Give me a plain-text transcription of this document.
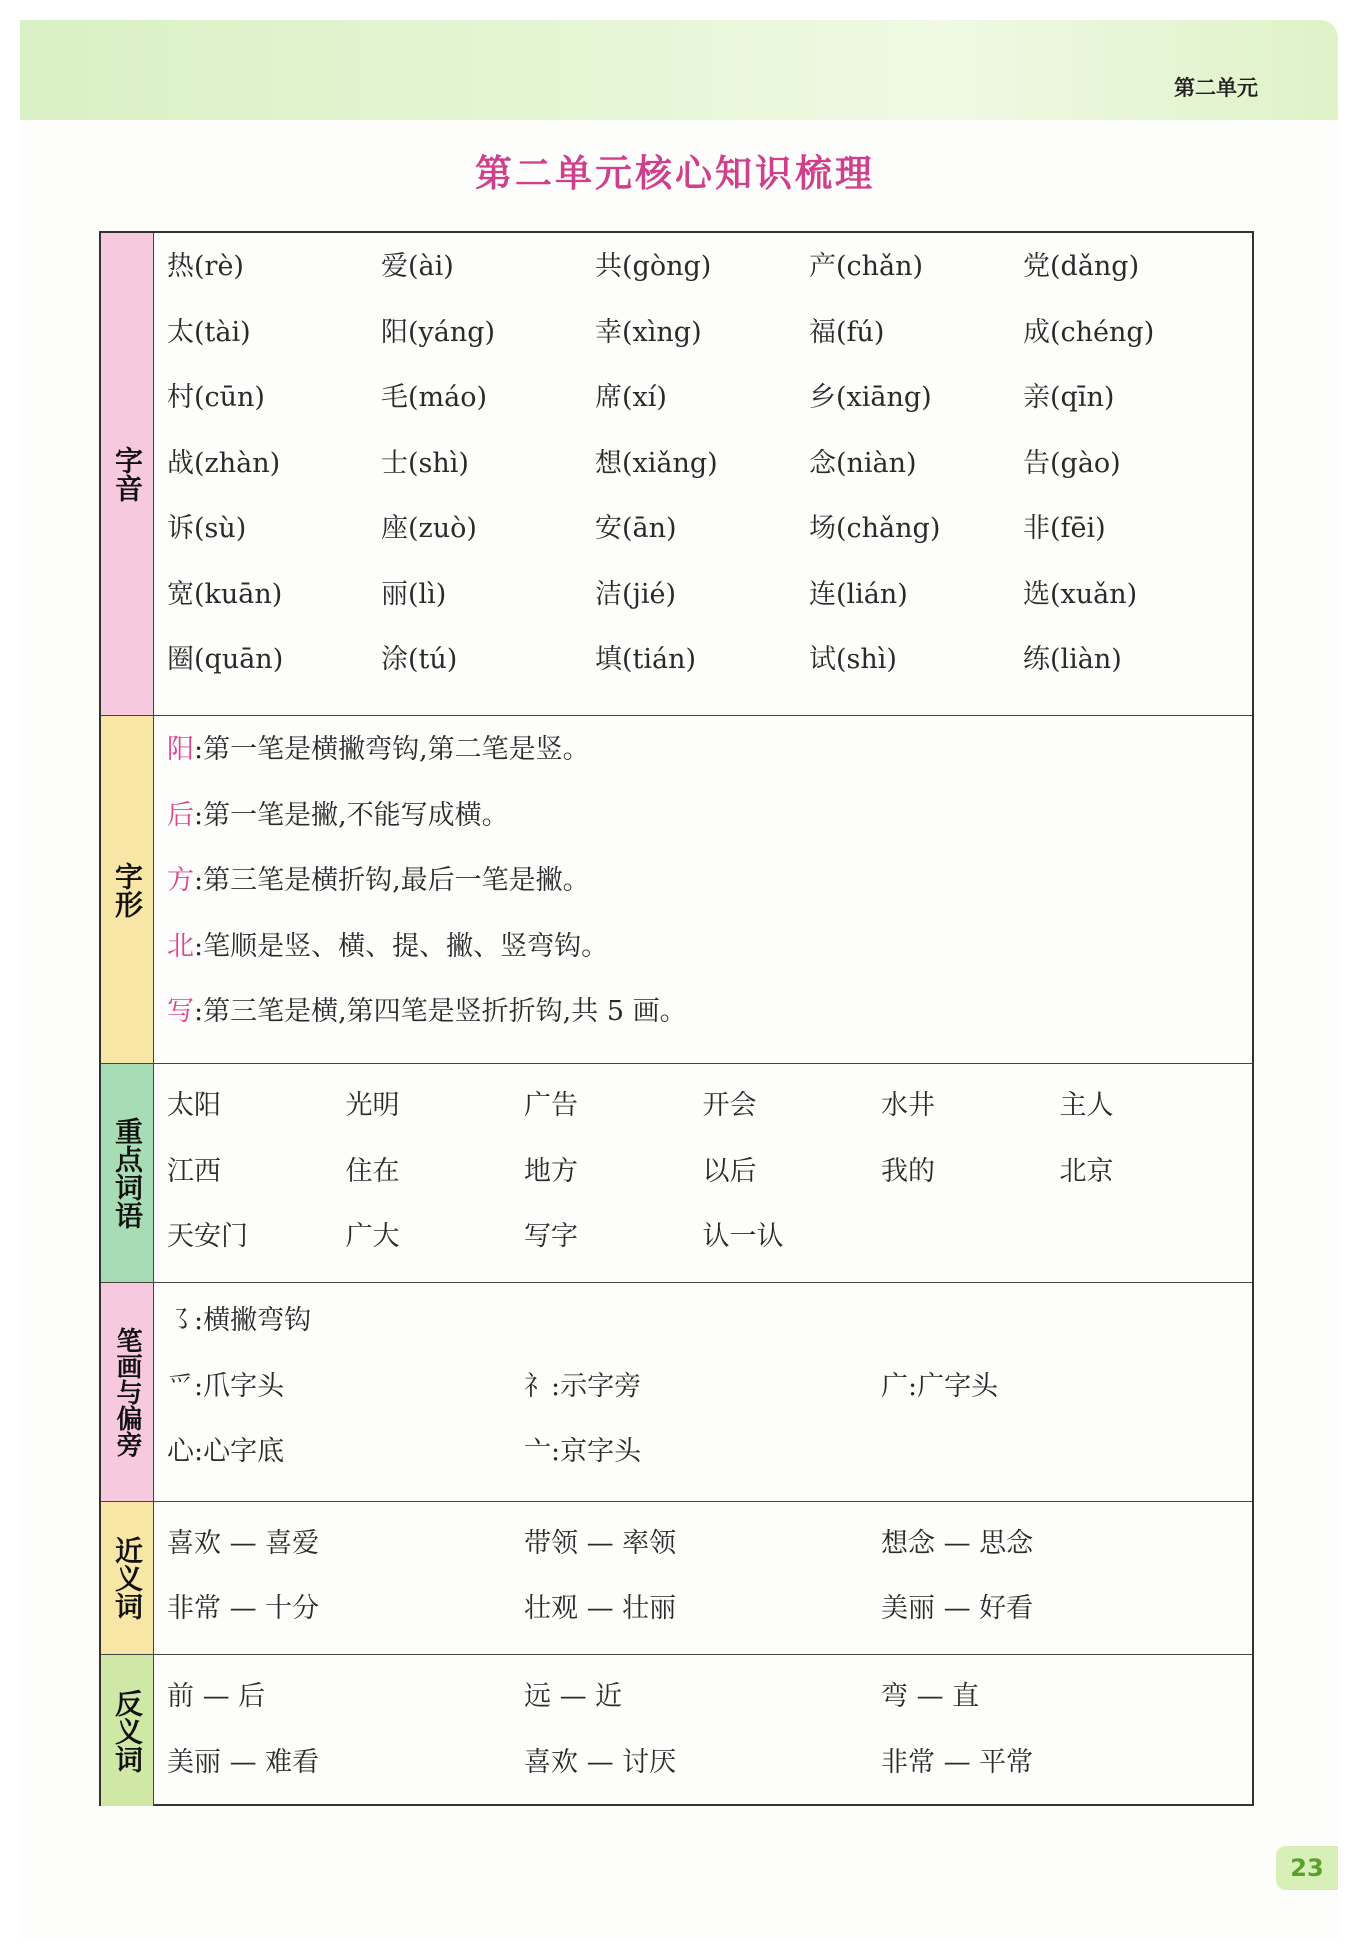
第二单元
第二单元核心知识梳理
字音
热(rè)	爱(ài)	共(gòng)	产(chǎn)	党(dǎng)
太(tài)	阳(yáng)	幸(xìng)	福(fú)	成(chéng)
村(cūn)	毛(máo)	席(xí)	乡(xiāng)	亲(qīn)
战(zhàn)	士(shì)	想(xiǎng)	念(niàn)	告(gào)
诉(sù)	座(zuò)	安(ān)	场(chǎng)	非(fēi)
宽(kuān)	丽(lì)	洁(jié)	连(lián)	选(xuǎn)
圈(quān)	涂(tú)	填(tián)	试(shì)	练(liàn)
字形
阳:第一笔是横撇弯钩,第二笔是竖。
后:第一笔是撇,不能写成横。
方:第三笔是横折钩,最后一笔是撇。
北:笔顺是竖、横、提、撇、竖弯钩。
写:第三笔是横,第四笔是竖折折钩,共 5 画。
重点词语
太阳	光明	广告	开会	水井	主人
江西	住在	地方	以后	我的	北京
天安门	广大	写字	认一认
笔画与偏旁
㇌:横撇弯钩
爫:爪字头	礻:示字旁	广:广字头
心:心字底	亠:京字头
近义词 喜欢 — 喜爱	带领 — 率领	想念 — 思念
非常 — 十分	壮观 — 壮丽	美丽 — 好看
反义词 前 — 后	远 — 近	弯 — 直
美丽 — 难看	喜欢 — 讨厌	非常 — 平常
23
